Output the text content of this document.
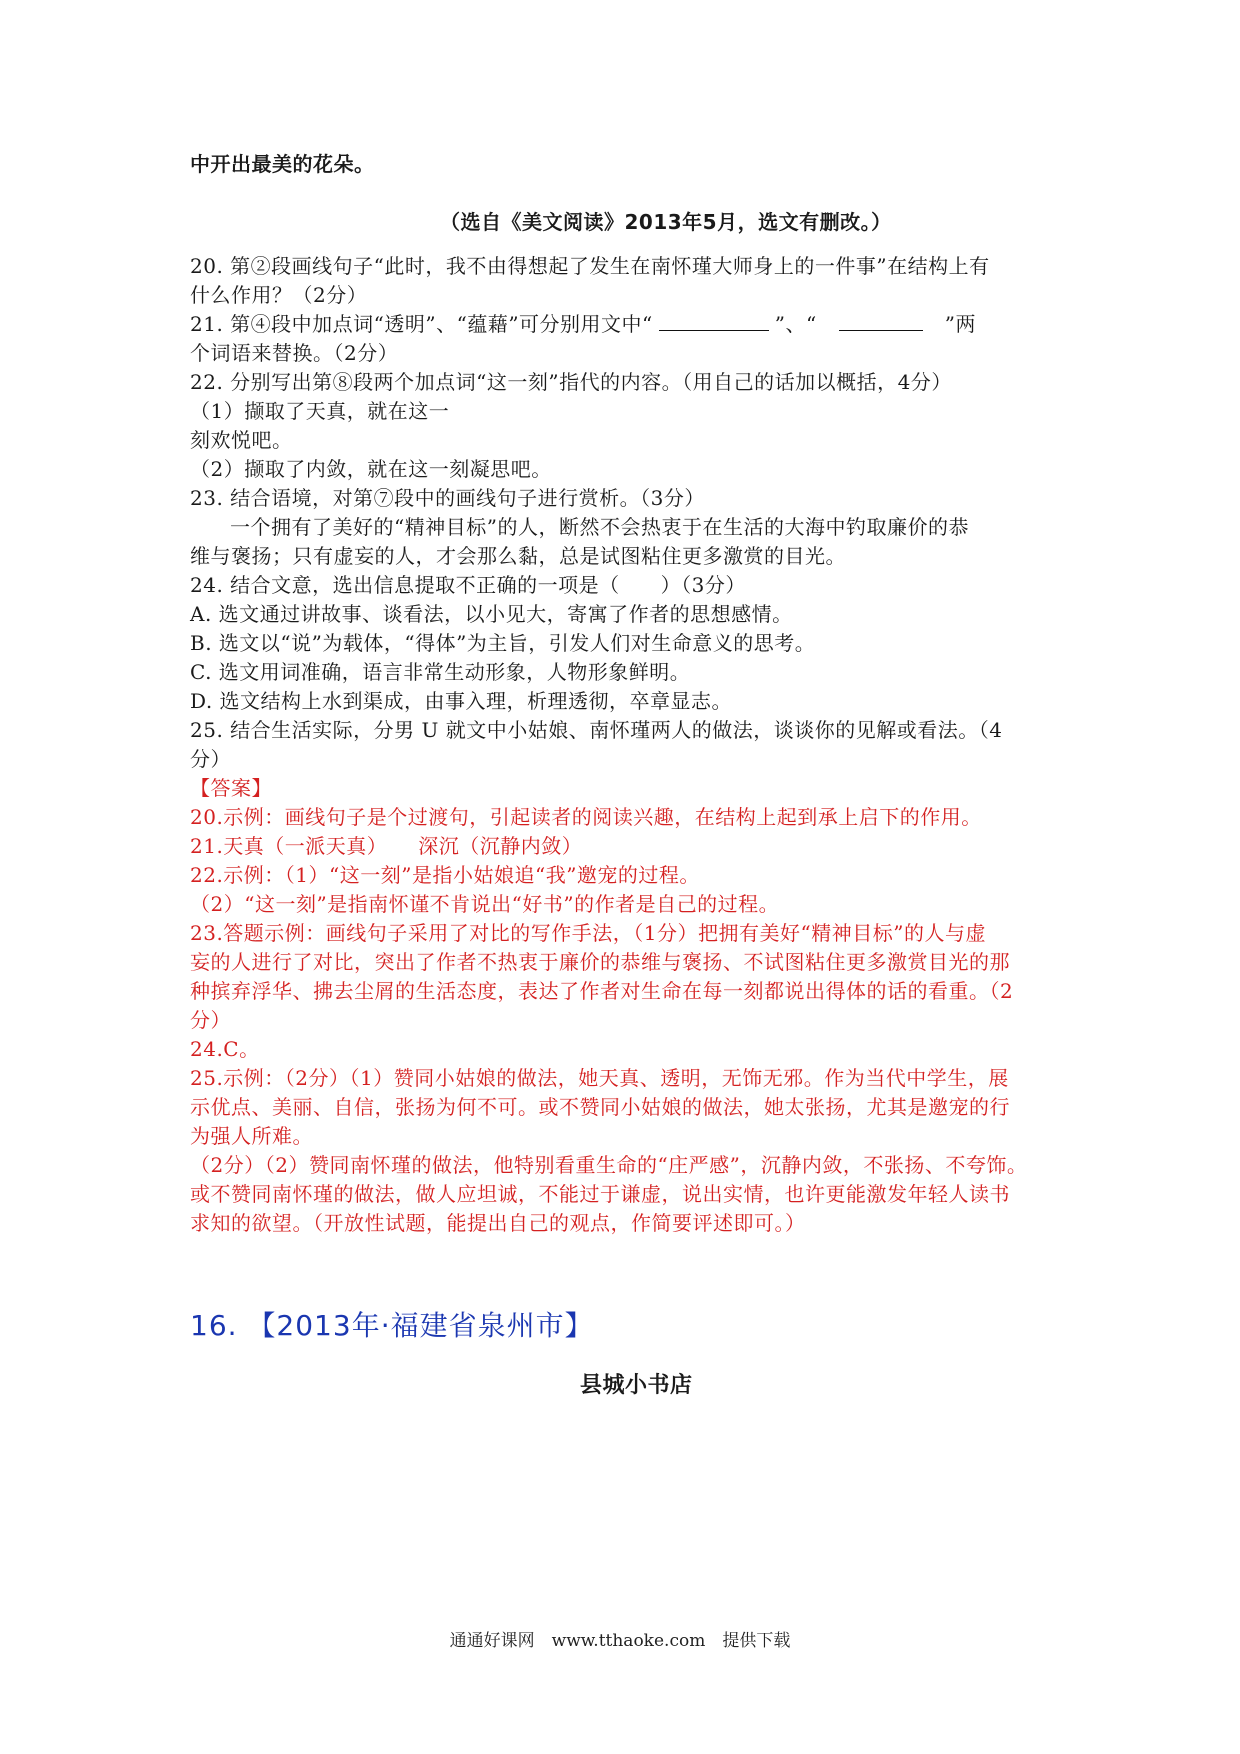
中开出最美的花朵。
（选自《美文阅读》2013年5月，选文有删改。）
20. 第②段画线句子“此时，我不由得想起了发生在南怀瑾大师身上的一件事”在结构上有
什么作用？（2分）
21. 第④段中加点词“透明”、“蕴藉”可分别用文中“	”、“	”两
个词语来替换。（2分）
22. 分别写出第⑧段两个加点词“这一刻”指代的内容。（用自己的话加以概括，4分）
（1）撷取了天真，就在这一
刻欢悦吧。
（2）撷取了内敛，就在这一刻凝思吧。
23. 结合语境，对第⑦段中的画线句子进行赏析。（3分）
一个拥有了美好的“精神目标”的人，断然不会热衷于在生活的大海中钓取廉价的恭
维与褒扬；只有虚妄的人，才会那么黏，总是试图粘住更多激赏的目光。
24. 结合文意，选出信息提取不正确的一项是（　　）（3分）
A. 选文通过讲故事、谈看法，以小见大，寄寓了作者的思想感情。
B. 选文以“说”为载体，“得体”为主旨，引发人们对生命意义的思考。
C. 选文用词准确，语言非常生动形象，人物形象鲜明。
D. 选文结构上水到渠成，由事入理，析理透彻，卒章显志。
25. 结合生活实际，分男 U 就文中小姑娘、南怀瑾两人的做法，谈谈你的见解或看法。（4
分）
【答案】
20.示例：画线句子是个过渡句，引起读者的阅读兴趣，在结构上起到承上启下的作用。
21.天真（一派天真）　　深沉（沉静内敛）
22.示例：（1）“这一刻”是指小姑娘追“我”邀宠的过程。
（2）“这一刻”是指南怀谨不肯说出“好书”的作者是自己的过程。
23.答题示例：画线句子采用了对比的写作手法，（1分）把拥有美好“精神目标”的人与虚
妄的人进行了对比，突出了作者不热衷于廉价的恭维与褒扬、不试图粘住更多激赏目光的那
种摈弃浮华、拂去尘屑的生活态度，表达了作者对生命在每一刻都说出得体的话的看重。（2
分）
24.C。
25.示例：（2分）（1）赞同小姑娘的做法，她天真、透明，无饰无邪。作为当代中学生，展
示优点、美丽、自信，张扬为何不可。或不赞同小姑娘的做法，她太张扬，尤其是邀宠的行
为强人所难。
（2分）（2）赞同南怀瑾的做法，他特别看重生命的“庄严感”，沉静内敛，不张扬、不夸饰。
或不赞同南怀瑾的做法，做人应坦诚，不能过于谦虚，说出实情，也许更能激发年轻人读书
求知的欲望。（开放性试题，能提出自己的观点，作简要评述即可。）
16. 【2013年·福建省泉州市】
县城小书店
通通好课网　www.tthaoke.com　提供下载
